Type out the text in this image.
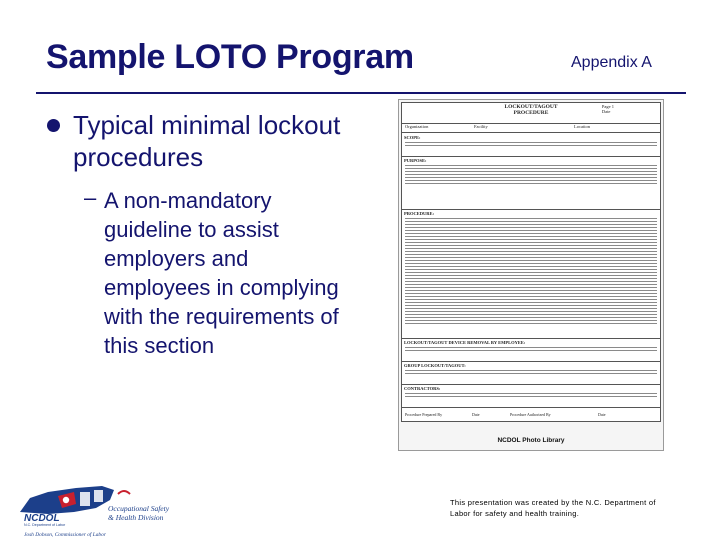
Sample LOTO Program	Appendix A
Typical minimal lockout procedures
– A non-mandatory guideline to assist employers and employees in complying with the requirements of this section
LOCKOUT/TAGOUT
PROCEDURE
Page 1
Date
Organization	Facility	Location
SCOPE:
PURPOSE:
PROCEDURE:
LOCKOUT/TAGOUT DEVICE REMOVAL BY EMPLOYEE:
GROUP LOCKOUT/TAGOUT:
CONTRACTORS:
Procedure Prepared By	Date	Procedure Authorized By	Date
NCDOL Photo Library
NCDOL
N.C. Department of Labor
Occupational Safety
& Health Division
Josh Dobson, Commissioner of Labor
This presentation was created by the N.C. Department of Labor for safety and health training.
